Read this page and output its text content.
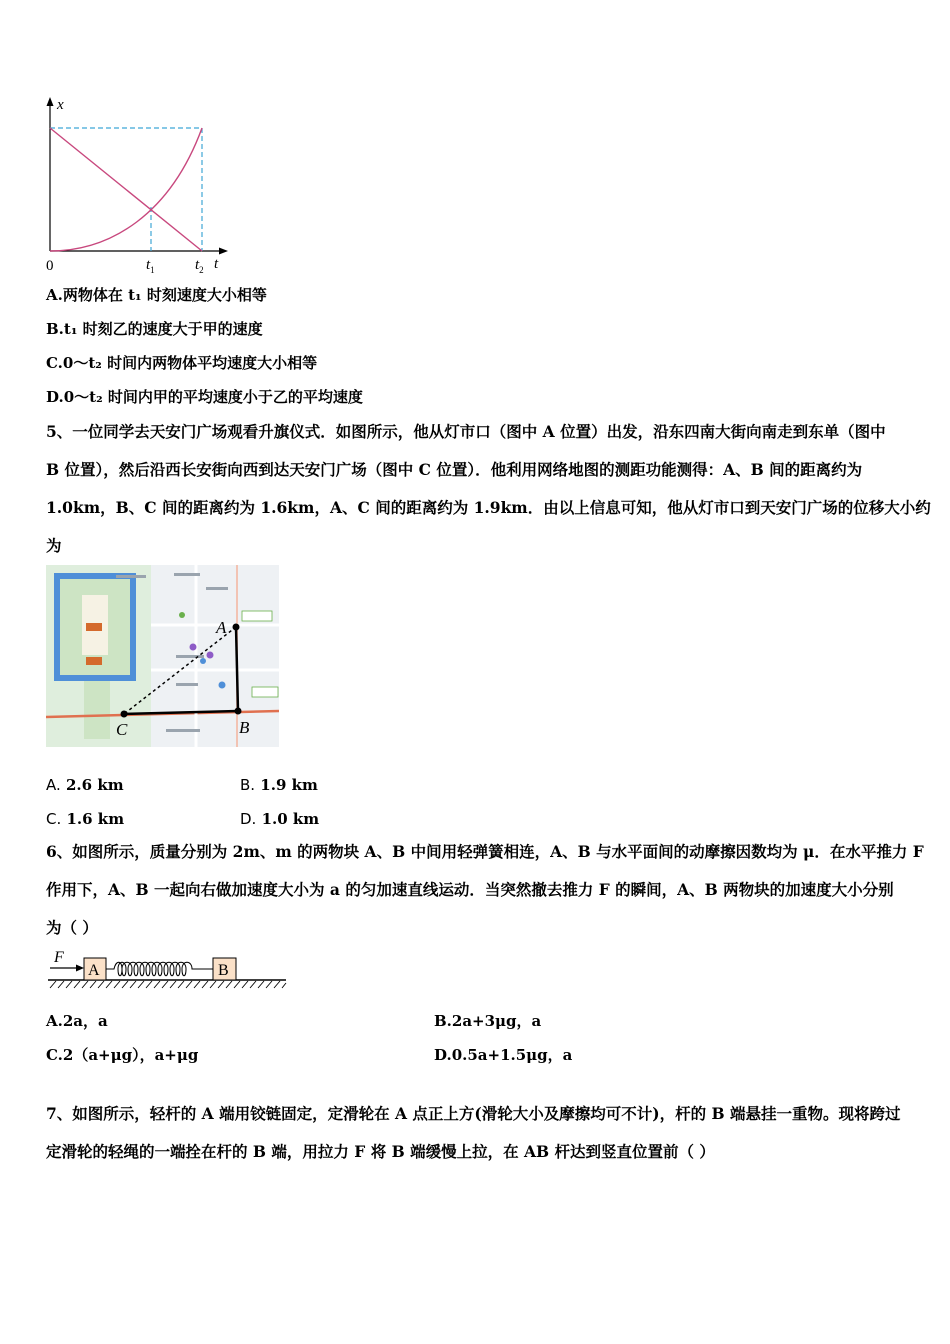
x
t
0	$t_1$	$t_2$
A.两物体在 t₁ 时刻速度大小相等
B.t₁ 时刻乙的速度大于甲的速度
C.0～t₂ 时间内两物体平均速度大小相等
D.0～t₂ 时间内甲的平均速度小于乙的平均速度
5、一位同学去天安门广场观看升旗仪式．如图所示，他从灯市口（图中 A 位置）出发，沿东四南大街向南走到东单（图中
B 位置），然后沿西长安街向西到达天安门广场（图中 C 位置）．他利用网络地图的测距功能测得：A、B 间的距离约为
1.0km，B、C 间的距离约为 1.6km，A、C 间的距离约为 1.9km．由以上信息可知，他从灯市口到天安门广场的位移大小约
为
A
B
C
A. 2.6 km	B. 1.9 km
C. 1.6 km	D. 1.0 km
6、如图所示，质量分别为 2m、m 的两物块 A、B 中间用轻弹簧相连，A、B 与水平面间的动摩擦因数均为 μ．在水平推力 F
作用下，A、B 一起向右做加速度大小为 a 的匀加速直线运动．当突然撤去推力 F 的瞬间，A、B 两物块的加速度大小分别
为（ ）
F
A	B
A.2a，a	B.2a+3μg，a
C.2（a+μg），a+μg	D.0.5a+1.5μg，a
7、如图所示，轻杆的 A 端用铰链固定，定滑轮在 A 点正上方(滑轮大小及摩擦均可不计)，杆的 B 端悬挂一重物。现将跨过
定滑轮的轻绳的一端拴在杆的 B 端，用拉力 F 将 B 端缓慢上拉，在 AB 杆达到竖直位置前（ ）
